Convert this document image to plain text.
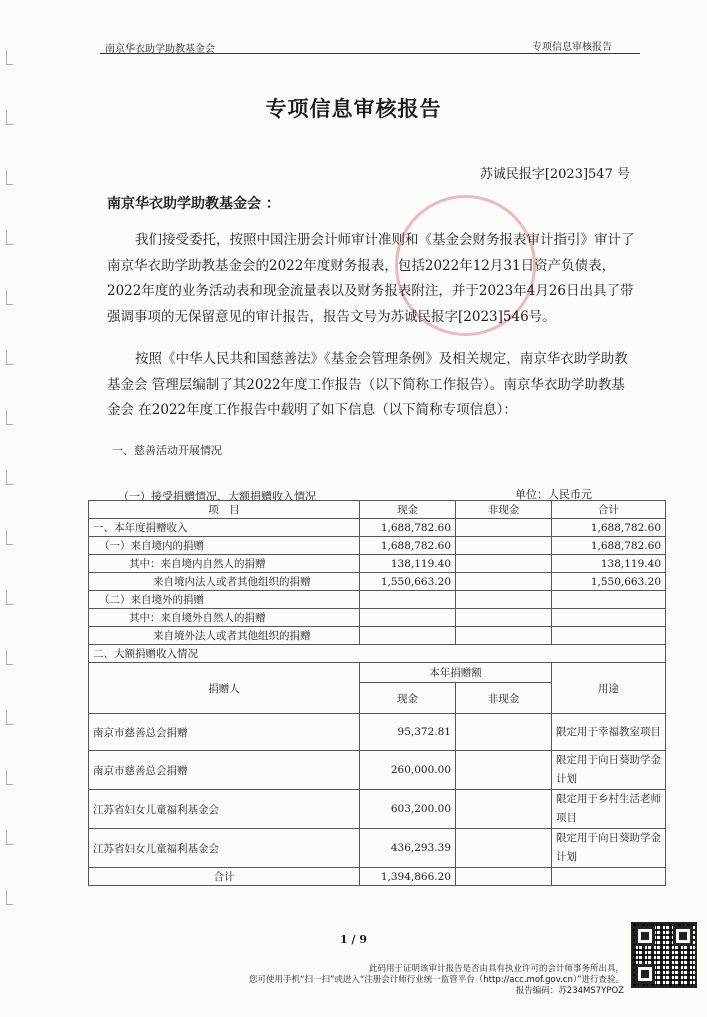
南京华衣助学助教基金会	专项信息审核报告
专项信息审核报告
苏诚民报字[2023]547 号
南京华衣助学助教基金会 ：
我们接受委托，按照中国注册会计师审计准则和《基金会财务报表审计指引》审计了南京华衣助学助教基金会的2022年度财务报表，包括2022年12月31日资产负债表，2022年度的业务活动表和现金流量表以及财务报表附注，并于2023年4月26日出具了带强调事项的无保留意见的审计报告，报告文号为苏诚民报字[2023]546号。
按照《中华人民共和国慈善法》《基金会管理条例》及相关规定，南京华衣助学助教基金会 管理层编制了其2022年度工作报告（以下简称工作报告）。南京华衣助学助教基金会 在2022年度工作报告中载明了如下信息（以下简称专项信息）：
一、慈善活动开展情况
（一）接受捐赠情况、大额捐赠收入情况	单位：人民币元
项　目	现金	非现金	合计
一、本年度捐赠收入	1,688,782.60		1,688,782.60
（一）来自境内的捐赠	1,688,782.60		1,688,782.60
其中：来自境内自然人的捐赠	138,119.40		138,119.40
来自境内法人或者其他组织的捐赠	1,550,663.20		1,550,663.20
（二）来自境外的捐赠			
其中：来自境外自然人的捐赠			
来自境外法人或者其他组织的捐赠			
二、大额捐赠收入情况			
捐赠人	本年捐赠额		用途
	现金	非现金	
南京市慈善总会捐赠	95,372.81		限定用于幸福教室项目
南京市慈善总会捐赠	260,000.00		限定用于向日葵助学金计划
江苏省妇女儿童福利基金会	603,200.00		限定用于乡村生活老师项目
江苏省妇女儿童福利基金会	436,293.39		限定用于向日葵助学金计划
合计	1,394,866.20		
1 / 9
此码用于证明该审计报告是否由具有执业许可的会计师事务所出具，
您可使用手机“扫一扫”或进入“注册会计师行业统一监管平台（http://acc.mof.gov.cn）”进行查验。
报告编码：苏234MS7YPOZ
